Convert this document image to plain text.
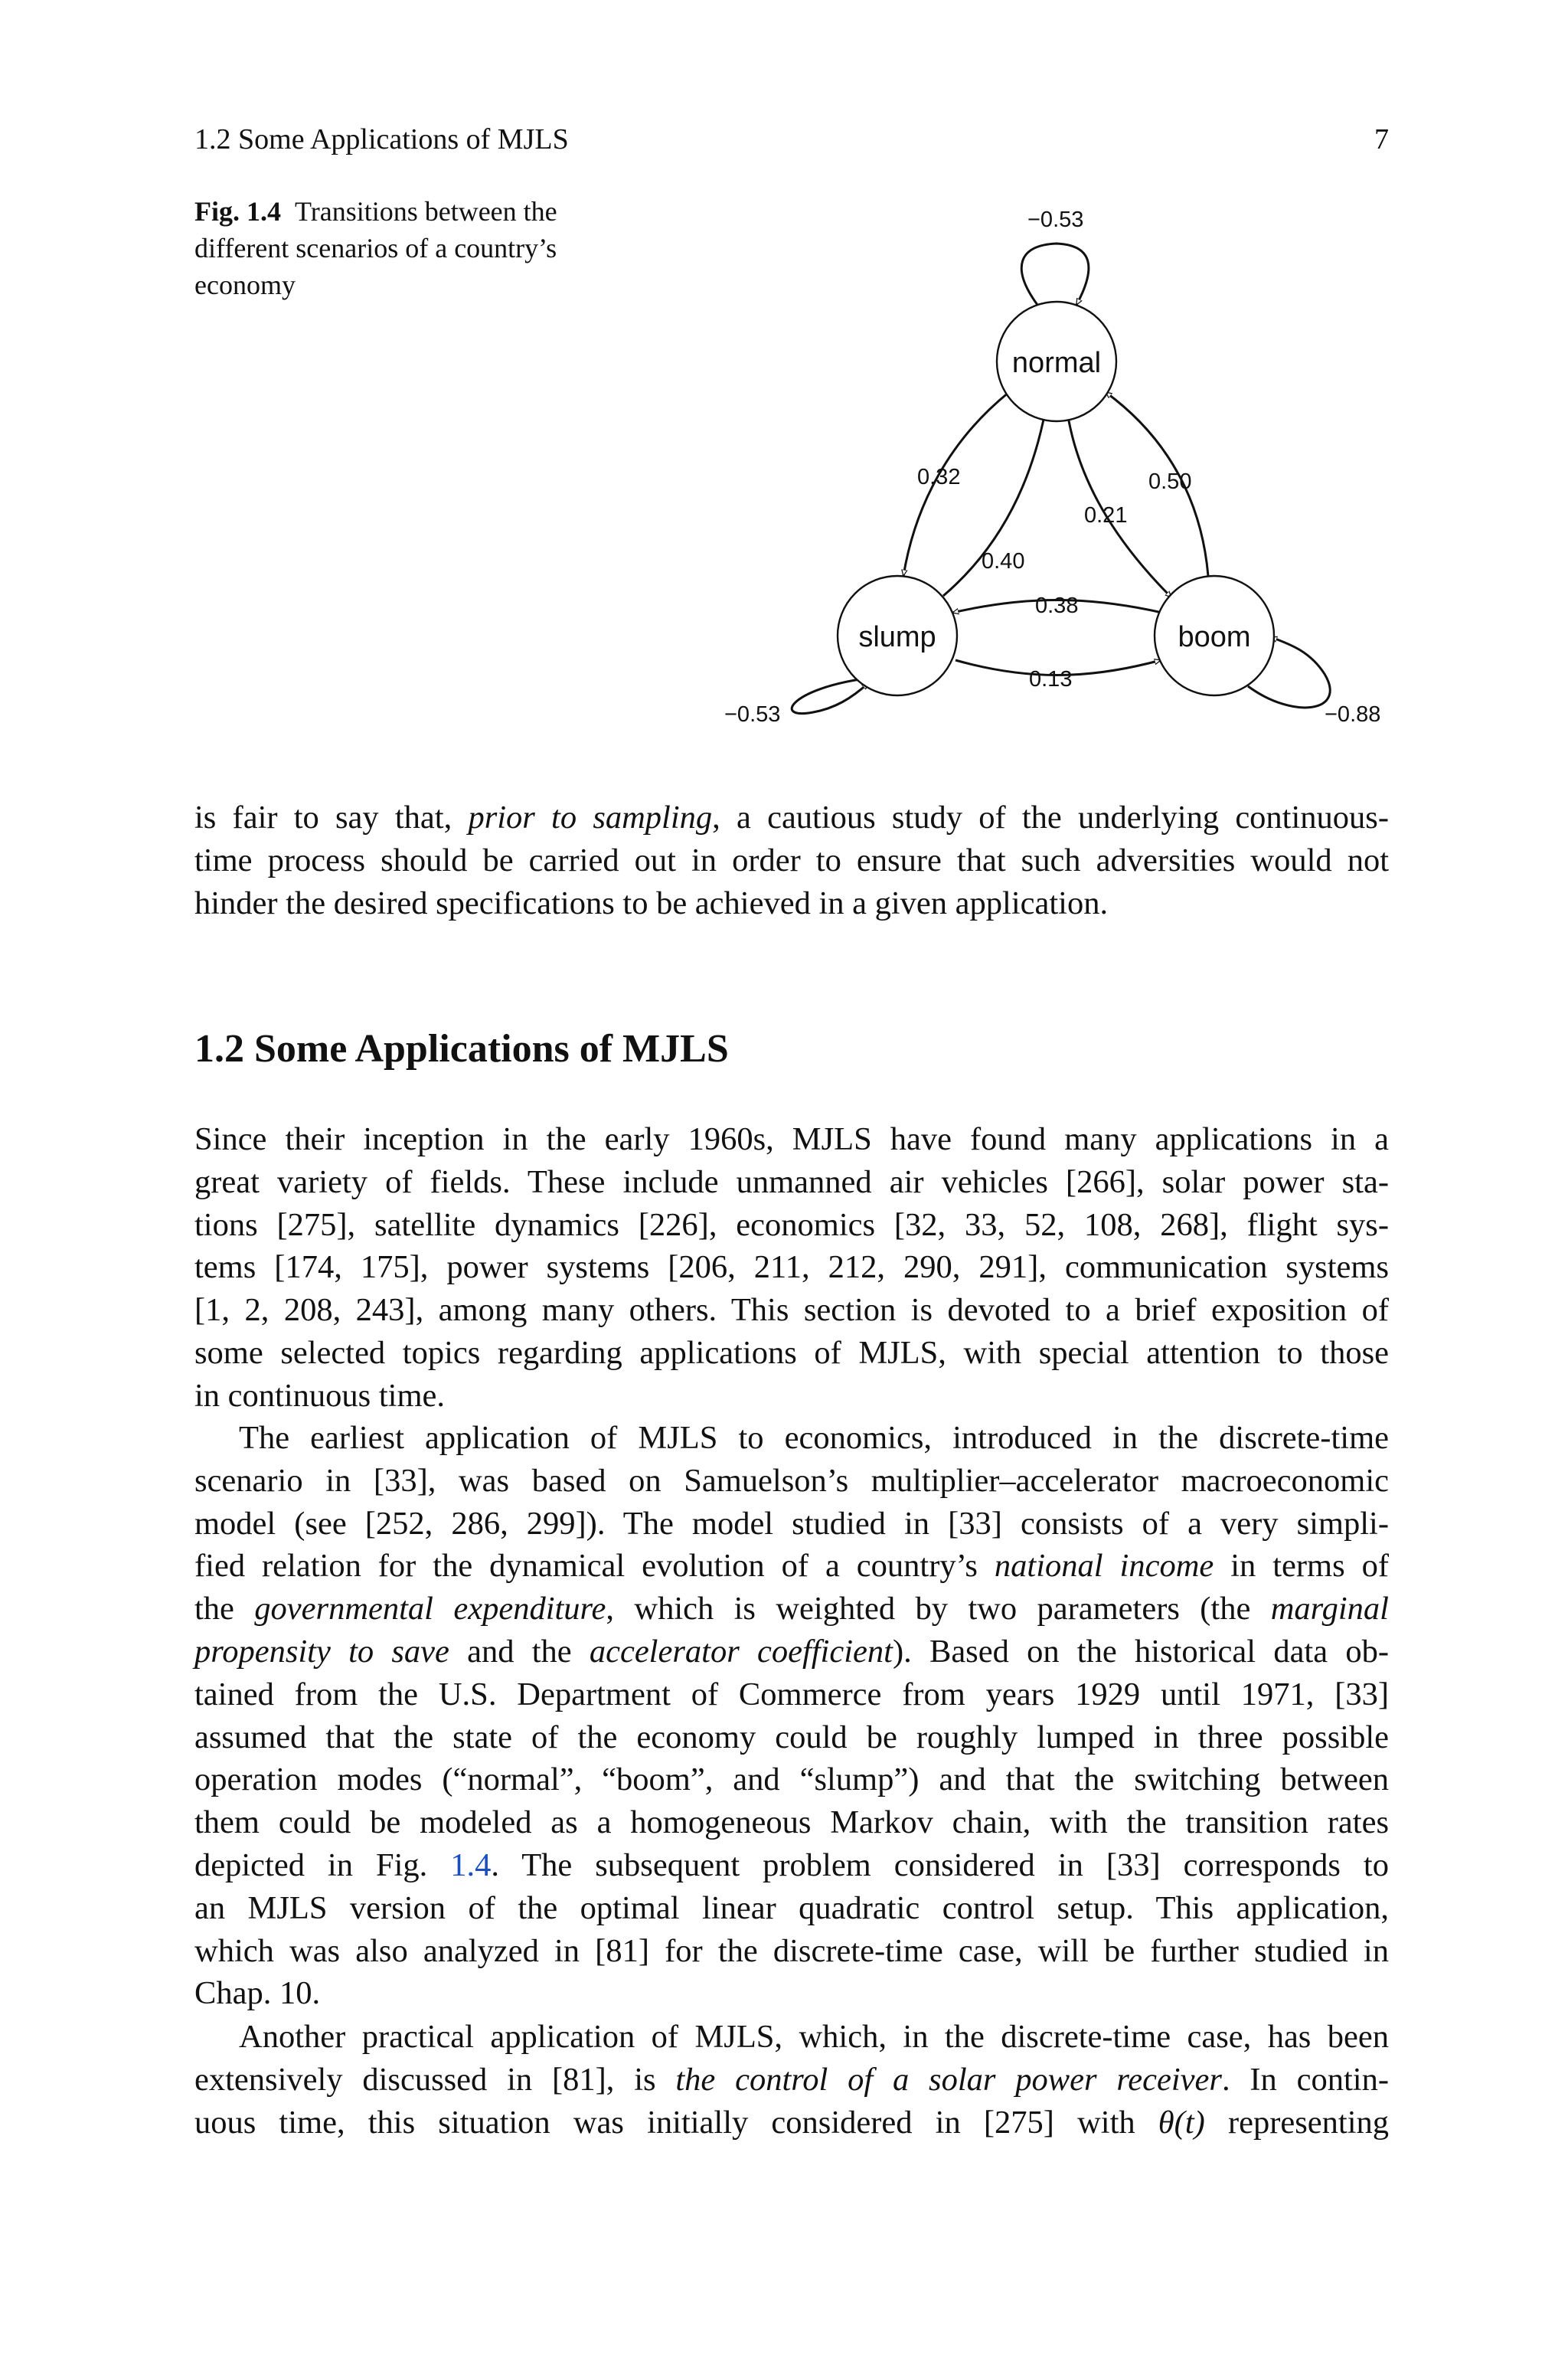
1.2 Some Applications of MJLS	7
Fig. 1.4 Transitions between the different scenarios of a country’s economy
normal
slump	boom
−0.53
0.32
0.40
0.21
0.50
0.38
0.13
−0.53	−0.88
is fair to say that, prior to sampling, a cautious study of the underlying continuous-
time process should be carried out in order to ensure that such adversities would not
hinder the desired specifications to be achieved in a given application.
1.2 Some Applications of MJLS
Since their inception in the early 1960s, MJLS have found many applications in a
great variety of fields. These include unmanned air vehicles [266], solar power sta-
tions [275], satellite dynamics [226], economics [32, 33, 52, 108, 268], flight sys-
tems [174, 175], power systems [206, 211, 212, 290, 291], communication systems
[1, 2, 208, 243], among many others. This section is devoted to a brief exposition of
some selected topics regarding applications of MJLS, with special attention to those
in continuous time.
The earliest application of MJLS to economics, introduced in the discrete-time
scenario in [33], was based on Samuelson’s multiplier–accelerator macroeconomic
model (see [252, 286, 299]). The model studied in [33] consists of a very simpli-
fied relation for the dynamical evolution of a country’s national income in terms of
the governmental expenditure, which is weighted by two parameters (the marginal
propensity to save and the accelerator coefficient). Based on the historical data ob-
tained from the U.S. Department of Commerce from years 1929 until 1971, [33]
assumed that the state of the economy could be roughly lumped in three possible
operation modes (“normal”, “boom”, and “slump”) and that the switching between
them could be modeled as a homogeneous Markov chain, with the transition rates
depicted in Fig. 1.4. The subsequent problem considered in [33] corresponds to
an MJLS version of the optimal linear quadratic control setup. This application,
which was also analyzed in [81] for the discrete-time case, will be further studied in
Chap. 10.
Another practical application of MJLS, which, in the discrete-time case, has been
extensively discussed in [81], is the control of a solar power receiver. In contin-
uous time, this situation was initially considered in [275] with θ(t) representing
